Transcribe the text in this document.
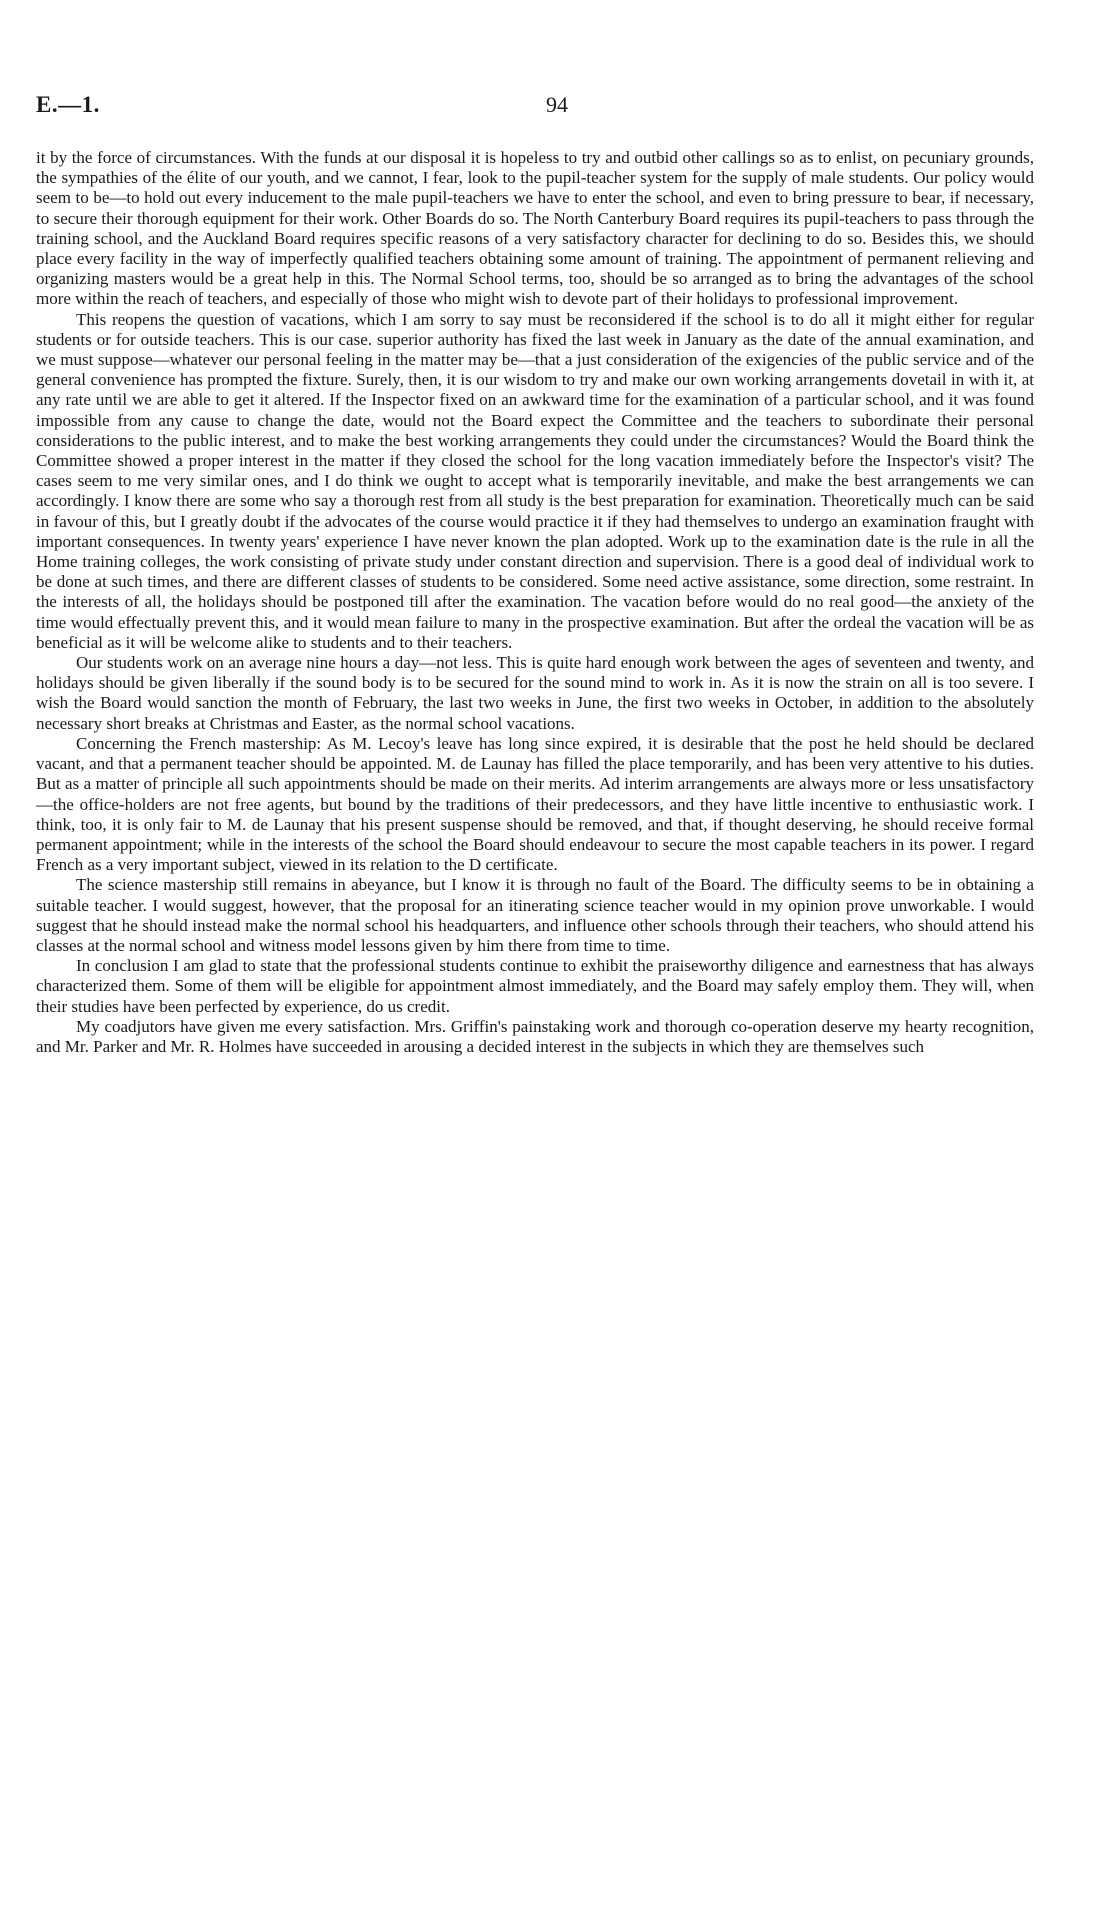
E.—1.	94

it by the force of circumstances. With the funds at our disposal it is hopeless to try and outbid other callings so as to enlist, on pecuniary grounds, the sympathies of the élite of our youth, and we cannot, I fear, look to the pupil-teacher system for the supply of male students. Our policy would seem to be—to hold out every inducement to the male pupil-teachers we have to enter the school, and even to bring pressure to bear, if necessary, to secure their thorough equipment for their work. Other Boards do so. The North Canterbury Board requires its pupil-teachers to pass through the training school, and the Auckland Board requires specific reasons of a very satisfactory character for declining to do so. Besides this, we should place every facility in the way of imperfectly qualified teachers obtaining some amount of training. The appointment of permanent relieving and organizing masters would be a great help in this. The Normal School terms, too, should be so arranged as to bring the advantages of the school more within the reach of teachers, and especially of those who might wish to devote part of their holidays to professional improvement.

This reopens the question of vacations, which I am sorry to say must be reconsidered if the school is to do all it might either for regular students or for outside teachers. This is our case. superior authority has fixed the last week in January as the date of the annual examination, and we must suppose—whatever our personal feeling in the matter may be—that a just consideration of the exigencies of the public service and of the general convenience has prompted the fixture. Surely, then, it is our wisdom to try and make our own working arrangements dovetail in with it, at any rate until we are able to get it altered. If the Inspector fixed on an awkward time for the examination of a particular school, and it was found impossible from any cause to change the date, would not the Board expect the Committee and the teachers to subordinate their personal considerations to the public interest, and to make the best working arrangements they could under the circumstances? Would the Board think the Committee showed a proper interest in the matter if they closed the school for the long vacation immediately before the Inspector's visit? The cases seem to me very similar ones, and I do think we ought to accept what is temporarily inevitable, and make the best arrangements we can accordingly. I know there are some who say a thorough rest from all study is the best preparation for examination. Theoretically much can be said in favour of this, but I greatly doubt if the advocates of the course would practice it if they had themselves to undergo an examination fraught with important consequences. In twenty years' experience I have never known the plan adopted. Work up to the examination date is the rule in all the Home training colleges, the work consisting of private study under constant direction and supervision. There is a good deal of individual work to be done at such times, and there are different classes of students to be considered. Some need active assistance, some direction, some restraint. In the interests of all, the holidays should be postponed till after the examination. The vacation before would do no real good—the anxiety of the time would effectually prevent this, and it would mean failure to many in the prospective examination. But after the ordeal the vacation will be as beneficial as it will be welcome alike to students and to their teachers.

Our students work on an average nine hours a day—not less. This is quite hard enough work between the ages of seventeen and twenty, and holidays should be given liberally if the sound body is to be secured for the sound mind to work in. As it is now the strain on all is too severe. I wish the Board would sanction the month of February, the last two weeks in June, the first two weeks in October, in addition to the absolutely necessary short breaks at Christmas and Easter, as the normal school vacations.

Concerning the French mastership: As M. Lecoy's leave has long since expired, it is desirable that the post he held should be declared vacant, and that a permanent teacher should be appointed. M. de Launay has filled the place temporarily, and has been very attentive to his duties. But as a matter of principle all such appointments should be made on their merits. Ad interim arrangements are always more or less unsatisfactory—the office-holders are not free agents, but bound by the traditions of their predecessors, and they have little incentive to enthusiastic work. I think, too, it is only fair to M. de Launay that his present suspense should be removed, and that, if thought deserving, he should receive formal permanent appointment; while in the interests of the school the Board should endeavour to secure the most capable teachers in its power. I regard French as a very important subject, viewed in its relation to the D certificate.

The science mastership still remains in abeyance, but I know it is through no fault of the Board. The difficulty seems to be in obtaining a suitable teacher. I would suggest, however, that the proposal for an itinerating science teacher would in my opinion prove unworkable. I would suggest that he should instead make the normal school his headquarters, and influence other schools through their teachers, who should attend his classes at the normal school and witness model lessons given by him there from time to time.

In conclusion I am glad to state that the professional students continue to exhibit the praiseworthy diligence and earnestness that has always characterized them. Some of them will be eligible for appointment almost immediately, and the Board may safely employ them. They will, when their studies have been perfected by experience, do us credit.

My coadjutors have given me every satisfaction. Mrs. Griffin's painstaking work and thorough co-operation deserve my hearty recognition, and Mr. Parker and Mr. R. Holmes have succeeded in arousing a decided interest in the subjects in which they are themselves such
